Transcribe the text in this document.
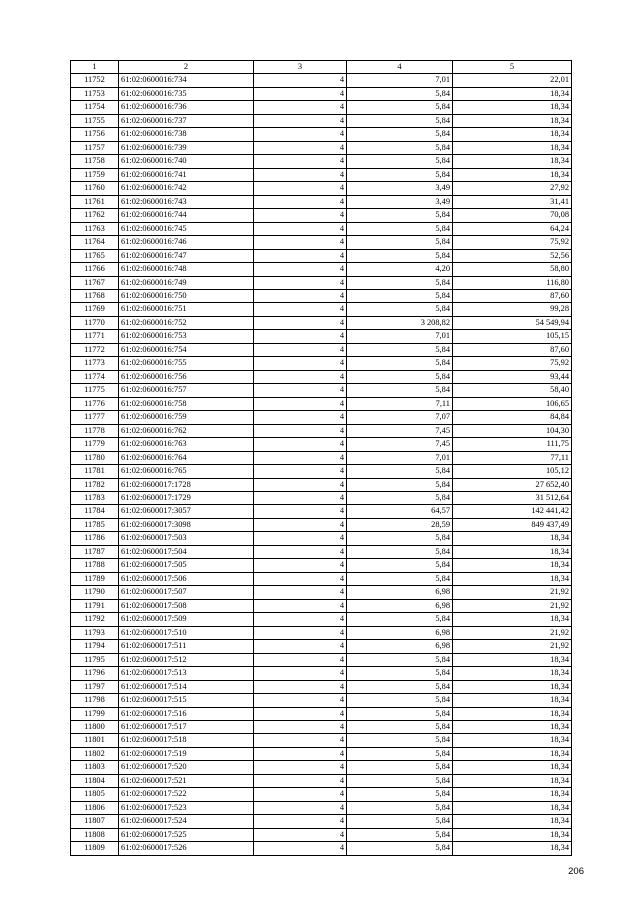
1	2	3	4	5
11752	61:02:0600016:734	4	7,01	22,01
11753	61:02:0600016:735	4	5,84	18,34
11754	61:02:0600016:736	4	5,84	18,34
11755	61:02:0600016:737	4	5,84	18,34
11756	61:02:0600016:738	4	5,84	18,34
11757	61:02:0600016:739	4	5,84	18,34
11758	61:02:0600016:740	4	5,84	18,34
11759	61:02:0600016:741	4	5,84	18,34
11760	61:02:0600016:742	4	3,49	27,92
11761	61:02:0600016:743	4	3,49	31,41
11762	61:02:0600016:744	4	5,84	70,08
11763	61:02:0600016:745	4	5,84	64,24
11764	61:02:0600016:746	4	5,84	75,92
11765	61:02:0600016:747	4	5,84	52,56
11766	61:02:0600016:748	4	4,20	58,80
11767	61:02:0600016:749	4	5,84	116,80
11768	61:02:0600016:750	4	5,84	87,60
11769	61:02:0600016:751	4	5,84	99,28
11770	61:02:0600016:752	4	3 208,82	54 549,94
11771	61:02:0600016:753	4	7,01	105,15
11772	61:02:0600016:754	4	5,84	87,60
11773	61:02:0600016:755	4	5,84	75,92
11774	61:02:0600016:756	4	5,84	93,44
11775	61:02:0600016:757	4	5,84	58,40
11776	61:02:0600016:758	4	7,11	106,65
11777	61:02:0600016:759	4	7,07	84,84
11778	61:02:0600016:762	4	7,45	104,30
11779	61:02:0600016:763	4	7,45	111,75
11780	61:02:0600016:764	4	7,01	77,11
11781	61:02:0600016:765	4	5,84	105,12
11782	61:02:0600017:1728	4	5,84	27 652,40
11783	61:02:0600017:1729	4	5,84	31 512,64
11784	61:02:0600017:3057	4	64,57	142 441,42
11785	61:02:0600017:3098	4	28,59	849 437,49
11786	61:02:0600017:503	4	5,84	18,34
11787	61:02:0600017:504	4	5,84	18,34
11788	61:02:0600017:505	4	5,84	18,34
11789	61:02:0600017:506	4	5,84	18,34
11790	61:02:0600017:507	4	6,98	21,92
11791	61:02:0600017:508	4	6,98	21,92
11792	61:02:0600017:509	4	5,84	18,34
11793	61:02:0600017:510	4	6,98	21,92
11794	61:02:0600017:511	4	6,98	21,92
11795	61:02:0600017:512	4	5,84	18,34
11796	61:02:0600017:513	4	5,84	18,34
11797	61:02:0600017:514	4	5,84	18,34
11798	61:02:0600017:515	4	5,84	18,34
11799	61:02:0600017:516	4	5,84	18,34
11800	61:02:0600017:517	4	5,84	18,34
11801	61:02:0600017:518	4	5,84	18,34
11802	61:02:0600017:519	4	5,84	18,34
11803	61:02:0600017:520	4	5,84	18,34
11804	61:02:0600017:521	4	5,84	18,34
11805	61:02:0600017:522	4	5,84	18,34
11806	61:02:0600017:523	4	5,84	18,34
11807	61:02:0600017:524	4	5,84	18,34
11808	61:02:0600017:525	4	5,84	18,34
11809	61:02:0600017:526	4	5,84	18,34
206
